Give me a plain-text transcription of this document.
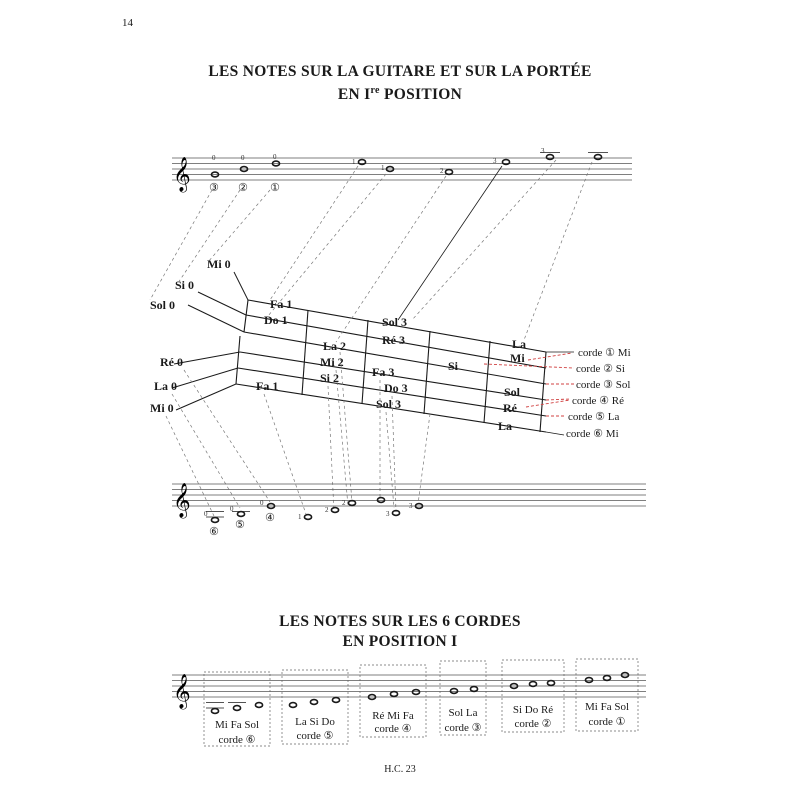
14
LES NOTES SUR LA GUITARE ET SUR LA PORTÉE
EN Ire POSITION
LES NOTES SUR LES 6 CORDES
EN POSITION I
𝄞	0	0	0
1
1	2
3
3
③ ② ①
Mi 0
Si 0
Sol 0
Ré 0
La 0
Mi 0
Fa 1
Do 1
La 2
Mi 2
Si 2
Fa 1
Sol 3
Ré 3
Fa 3
Do 3
Sol 3
La
Mi
Si
Sol
Ré
La
corde ① Mi
corde ② Si
corde ③ Sol
corde ④ Ré
corde ⑤ La
corde ⑥ Mi
𝄞 0
0
0
1
2
2
3
3
⑥
⑤
④
𝄞
Mi Fa Sol
corde ⑥
La Si Do
corde ⑤
Ré Mi Fa
corde ④
Sol La
corde ③
Si Do Ré
corde ②
Mi Fa Sol
corde ①
H.C. 23
